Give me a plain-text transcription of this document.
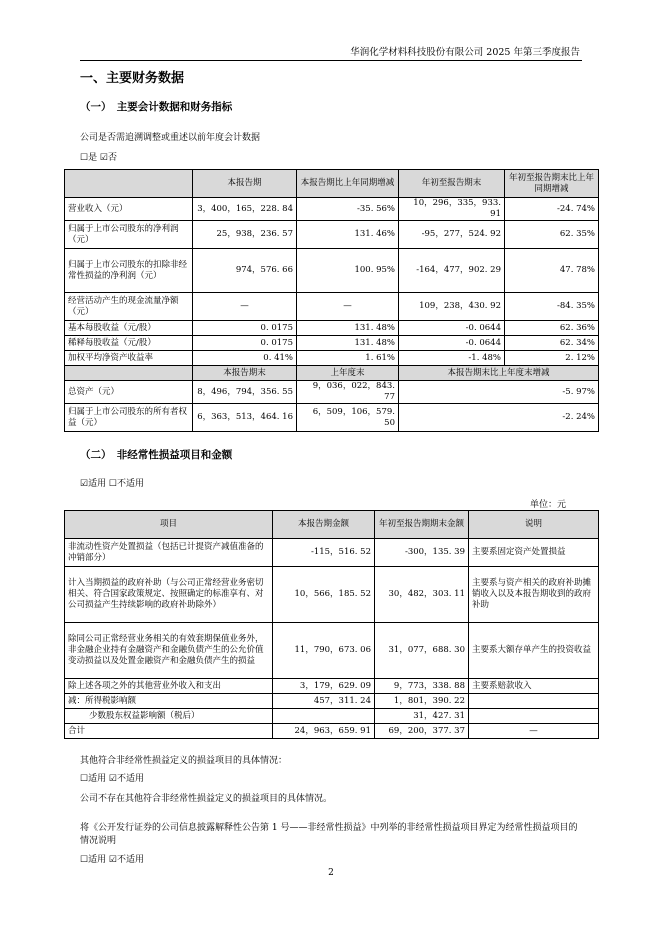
华润化学材料科技股份有限公司 2025 年第三季度报告
一、主要财务数据
（一）　主要会计数据和财务指标
公司是否需追溯调整或重述以前年度会计数据
☐是 ☑否
	本报告期	本报告期比上年同期增减	年初至报告期末	年初至报告期末比上年同期增减
营业收入（元）	3，400，165，228. 84	-35. 56%	10，296，335，933. 91	-24. 74%
归属于上市公司股东的净利润（元）	25，938，236. 57	131. 46%	-95，277，524. 92	62. 35%
归属于上市公司股东的扣除非经常性损益的净利润（元）	974，576. 66	100. 95%	-164，477，902. 29	47. 78%
经营活动产生的现金流量净额（元）	—	—	109，238，430. 92	-84. 35%
基本每股收益（元/股）	0. 0175	131. 48%	-0. 0644	62. 36%
稀释每股收益（元/股）	0. 0175	131. 48%	-0. 0644	62. 34%
加权平均净资产收益率	0. 41%	1. 61%	-1. 48%	2. 12%
	本报告期末	上年度末	本报告期末比上年度末增减	
总资产（元）	8，496，794，356. 55	9，036，022，843. 77	-5. 97%	
归属于上市公司股东的所有者权益（元）	6，363，513，464. 16	6，509，106，579. 50	-2. 24%	
（二）　非经常性损益项目和金额
☑适用 ☐不适用
单位：元
项目	本报告期金额	年初至报告期期末金额	说明
非流动性资产处置损益（包括已计提资产减值准备的冲销部分）	-115，516. 52	-300，135. 39	主要系固定资产处置损益
计入当期损益的政府补助（与公司正常经营业务密切相关、符合国家政策规定、按照确定的标准享有、对公司损益产生持续影响的政府补助除外）	10，566，185. 52	30，482，303. 11	主要系与资产相关的政府补助摊销收入以及本报告期收到的政府补助
除同公司正常经营业务相关的有效套期保值业务外，非金融企业持有金融资产和金融负债产生的公允价值变动损益以及处置金融资产和金融负债产生的损益	11，790，673. 06	31，077，688. 30	主要系大额存单产生的投资收益
除上述各项之外的其他营业外收入和支出	3，179，629. 09	9，773，338. 88	主要系赔款收入
减：所得税影响额	457，311. 24	1，801，390. 22	
少数股东权益影响额（税后）		31，427. 31	
合计	24，963，659. 91	69，200，377. 37	—
其他符合非经常性损益定义的损益项目的具体情况：
☐适用 ☑不适用
公司不存在其他符合非经常性损益定义的损益项目的具体情况。
将《公开发行证券的公司信息披露解释性公告第 1 号——非经常性损益》中列举的非经常性损益项目界定为经常性损益项目的情况说明
☐适用 ☑不适用
2
